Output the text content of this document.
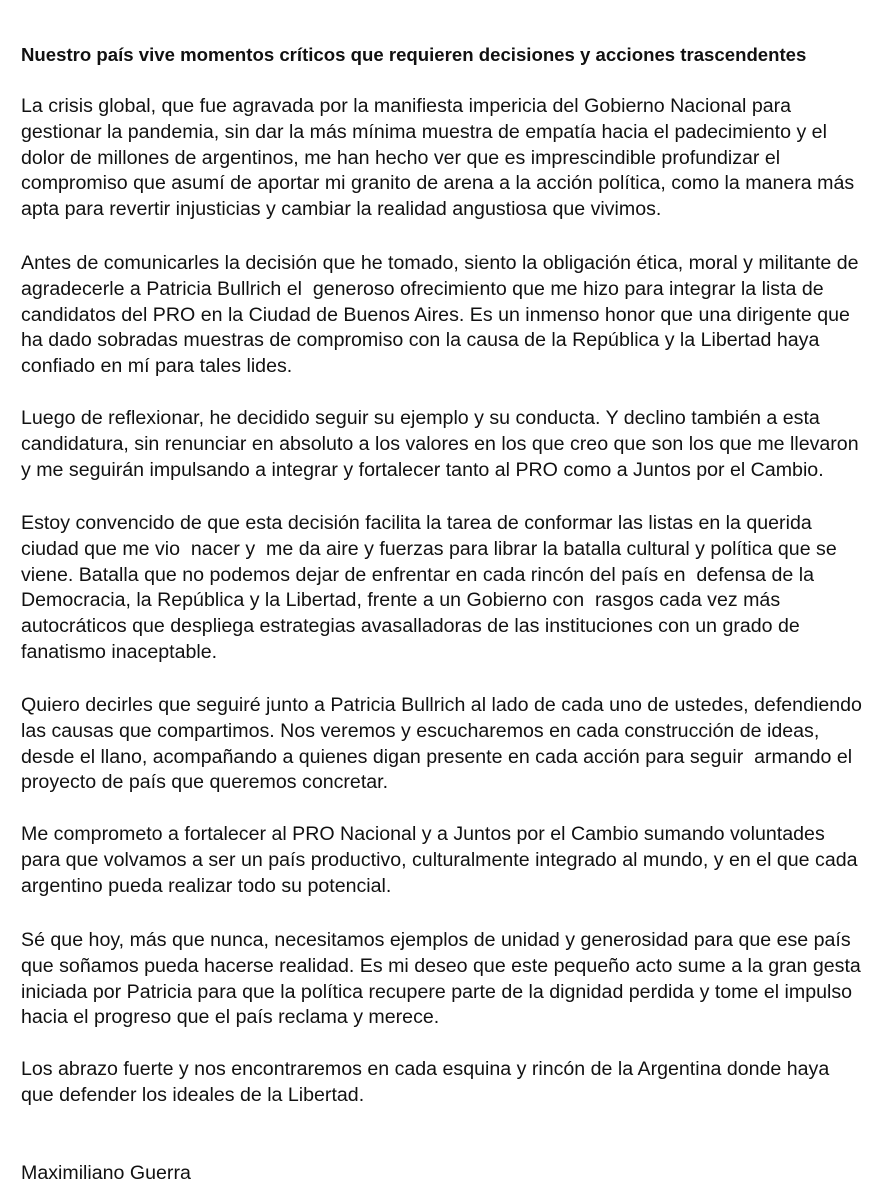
Nuestro país vive momentos críticos que requieren decisiones y acciones trascendentes
La crisis global, que fue agravada por la manifiesta impericia del Gobierno Nacional para
gestionar la pandemia, sin dar la más mínima muestra de empatía hacia el padecimiento y el
dolor de millones de argentinos, me han hecho ver que es imprescindible profundizar el
compromiso que asumí de aportar mi granito de arena a la acción política, como la manera más
apta para revertir injusticias y cambiar la realidad angustiosa que vivimos.
Antes de comunicarles la decisión que he tomado, siento la obligación ética, moral y militante de
agradecerle a Patricia Bullrich el  generoso ofrecimiento que me hizo para integrar la lista de
candidatos del PRO en la Ciudad de Buenos Aires. Es un inmenso honor que una dirigente que
ha dado sobradas muestras de compromiso con la causa de la República y la Libertad haya
confiado en mí para tales lides.
Luego de reflexionar, he decidido seguir su ejemplo y su conducta. Y declino también a esta
candidatura, sin renunciar en absoluto a los valores en los que creo que son los que me llevaron
y me seguirán impulsando a integrar y fortalecer tanto al PRO como a Juntos por el Cambio.
Estoy convencido de que esta decisión facilita la tarea de conformar las listas en la querida
ciudad que me vio  nacer y  me da aire y fuerzas para librar la batalla cultural y política que se
viene. Batalla que no podemos dejar de enfrentar en cada rincón del país en  defensa de la
Democracia, la República y la Libertad, frente a un Gobierno con  rasgos cada vez más
autocráticos que despliega estrategias avasalladoras de las instituciones con un grado de
fanatismo inaceptable.
Quiero decirles que seguiré junto a Patricia Bullrich al lado de cada uno de ustedes, defendiendo
las causas que compartimos. Nos veremos y escucharemos en cada construcción de ideas,
desde el llano, acompañando a quienes digan presente en cada acción para seguir  armando el
proyecto de país que queremos concretar.
Me comprometo a fortalecer al PRO Nacional y a Juntos por el Cambio sumando voluntades
para que volvamos a ser un país productivo, culturalmente integrado al mundo, y en el que cada
argentino pueda realizar todo su potencial.
Sé que hoy, más que nunca, necesitamos ejemplos de unidad y generosidad para que ese país
que soñamos pueda hacerse realidad. Es mi deseo que este pequeño acto sume a la gran gesta
iniciada por Patricia para que la política recupere parte de la dignidad perdida y tome el impulso
hacia el progreso que el país reclama y merece.
Los abrazo fuerte y nos encontraremos en cada esquina y rincón de la Argentina donde haya
que defender los ideales de la Libertad.
Maximiliano Guerra
